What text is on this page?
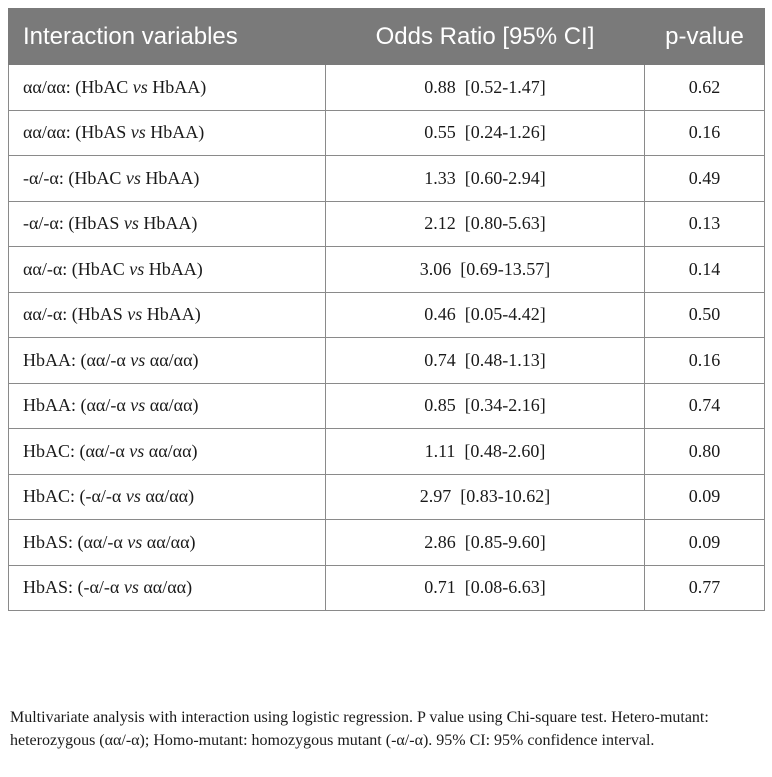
Interaction variables	Odds Ratio [95% CI]	p-value
αα/αα: (HbAC vs HbAA)	0.88  [0.52-1.47]	0.62
αα/αα: (HbAS vs HbAA)	0.55  [0.24-1.26]	0.16
-α/-α: (HbAC vs HbAA)	1.33  [0.60-2.94]	0.49
-α/-α: (HbAS vs HbAA)	2.12  [0.80-5.63]	0.13
αα/-α: (HbAC vs HbAA)	3.06  [0.69-13.57]	0.14
αα/-α: (HbAS vs HbAA)	0.46  [0.05-4.42]	0.50
HbAA: (αα/-α vs αα/αα)	0.74  [0.48-1.13]	0.16
HbAA: (αα/-α vs αα/αα)	0.85  [0.34-2.16]	0.74
HbAC: (αα/-α vs αα/αα)	1.11  [0.48-2.60]	0.80
HbAC: (-α/-α vs αα/αα)	2.97  [0.83-10.62]	0.09
HbAS: (αα/-α vs αα/αα)	2.86  [0.85-9.60]	0.09
HbAS: (-α/-α vs αα/αα)	0.71  [0.08-6.63]	0.77

Multivariate analysis with interaction using logistic regression. P value using Chi-square test. Hetero-mutant: heterozygous (αα/-α); Homo-mutant: homozygous mutant (-α/-α). 95% CI: 95% confidence interval.
